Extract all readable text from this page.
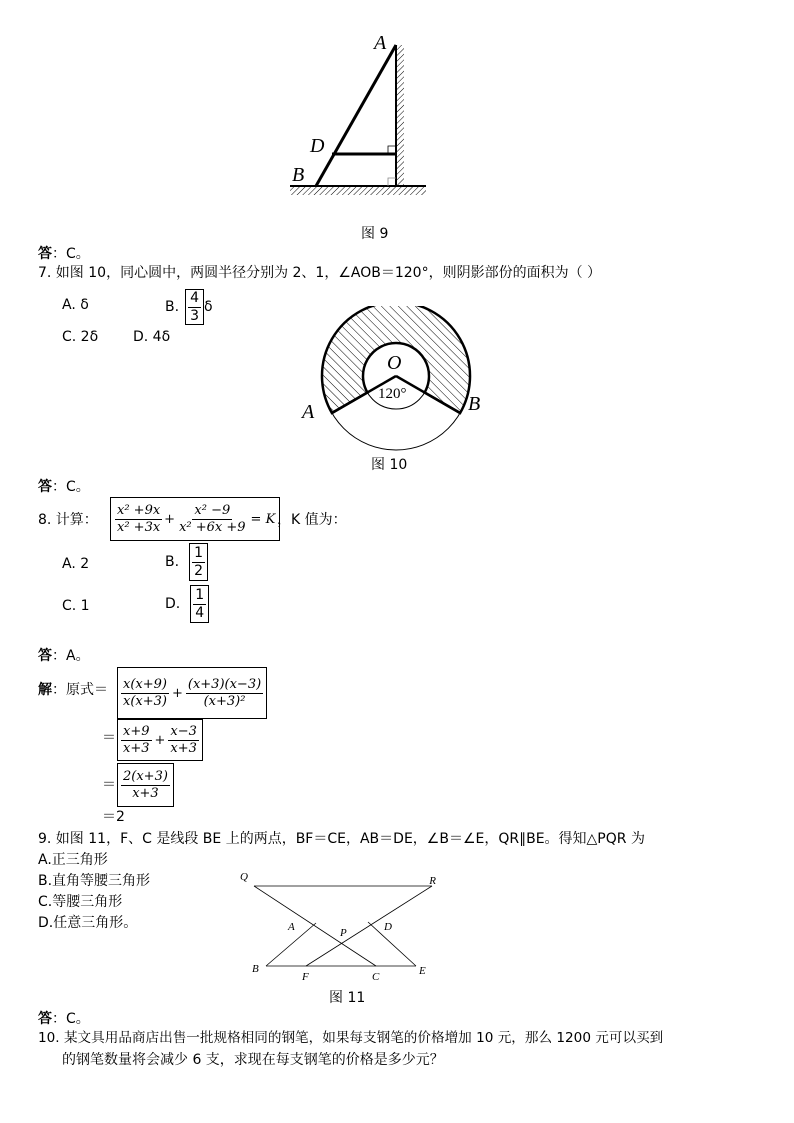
A
D
B
图 9
答：C。
7. 如图 10，同心圆中，两圆半径分别为 2、1，∠AOB＝120°，则阴影部份的面积为（ ）
A. δ	B. $\frac{4}{3}$ δ
C. 2δ D. 4δ
O
120°
A	B
图 10
答：C。
8. 计算： $\frac{\text{x² +9x}}{\text{x² +3x}} + \frac{\text{x² −9}}{\text{x² +6x +9}} = K$ ，K 值为：
A. 2	B. $\frac{1}{2}$
C. 1	D. $\frac{1}{4}$
答：A。
解：原式＝ $\frac{x(x+9)}{x(x+3)} + \frac{(x+3)(x-3)}{\text{(x+3)²}}$
＝ $\frac{x+9}{x+3} + \frac{x-3}{x+3}$
＝ $\frac{2(x+3)}{x+3}$
＝2
9. 如图 11，F、C 是线段 BE 上的两点，BF＝CE，AB＝DE，∠B＝∠E，QR∥BE。得知△PQR 为
A.正三角形
B.直角等腰三角形
C.等腰三角形
D.任意三角形。
Q	R
A	P	D
B
F	C	E
图 11
答：C。
10. 某文具用品商店出售一批规格相同的钢笔，如果每支钢笔的价格增加 10 元，那么 1200 元可以买到
的钢笔数量将会减少 6 支，求现在每支钢笔的价格是多少元？
